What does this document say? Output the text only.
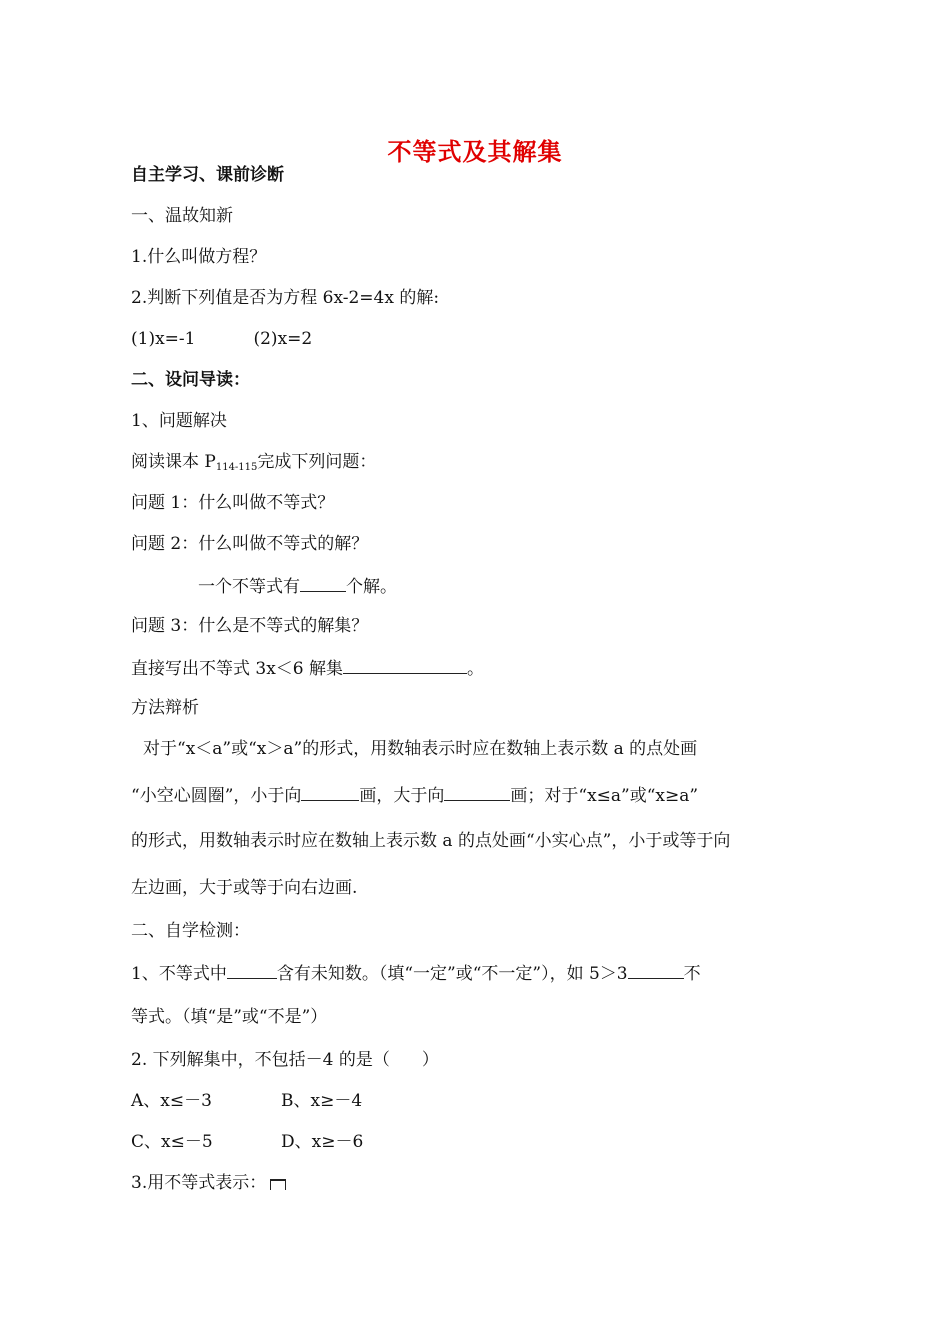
不等式及其解集
自主学习、课前诊断
一、温故知新
1.什么叫做方程？
2.判断下列值是否为方程 6x-2=4x 的解:
(1)x=-1	(2)x=2
二、设问导读：
1、问题解决
阅读课本 $P_{114-115}$完成下列问题：
问题 1：什么叫做不等式？
问题 2：什么叫做不等式的解？
一个不等式有	个解。
问题 3：什么是不等式的解集？
直接写出不等式 3x＜6 解集	。
方法辩析
对于“x＜a”或“x＞a”的形式，用数轴表示时应在数轴上表示数 a 的点处画
“小空心圆圈”，小于向	画，大于向	画；对于“x≤a”或“x≥a”
的形式，用数轴表示时应在数轴上表示数 a 的点处画“小实心点”，小于或等于向
左边画，大于或等于向右边画.
二、自学检测：
1、不等式中	含有未知数。（填“一定”或“不一定”），如 5＞3	不
等式。（填“是”或“不是”）
2. 下列解集中，不包括－4 的是（ ）
A、x≤－3	B、x≥－4
C、x≤－5	D、x≥－6
3.用不等式表示：
